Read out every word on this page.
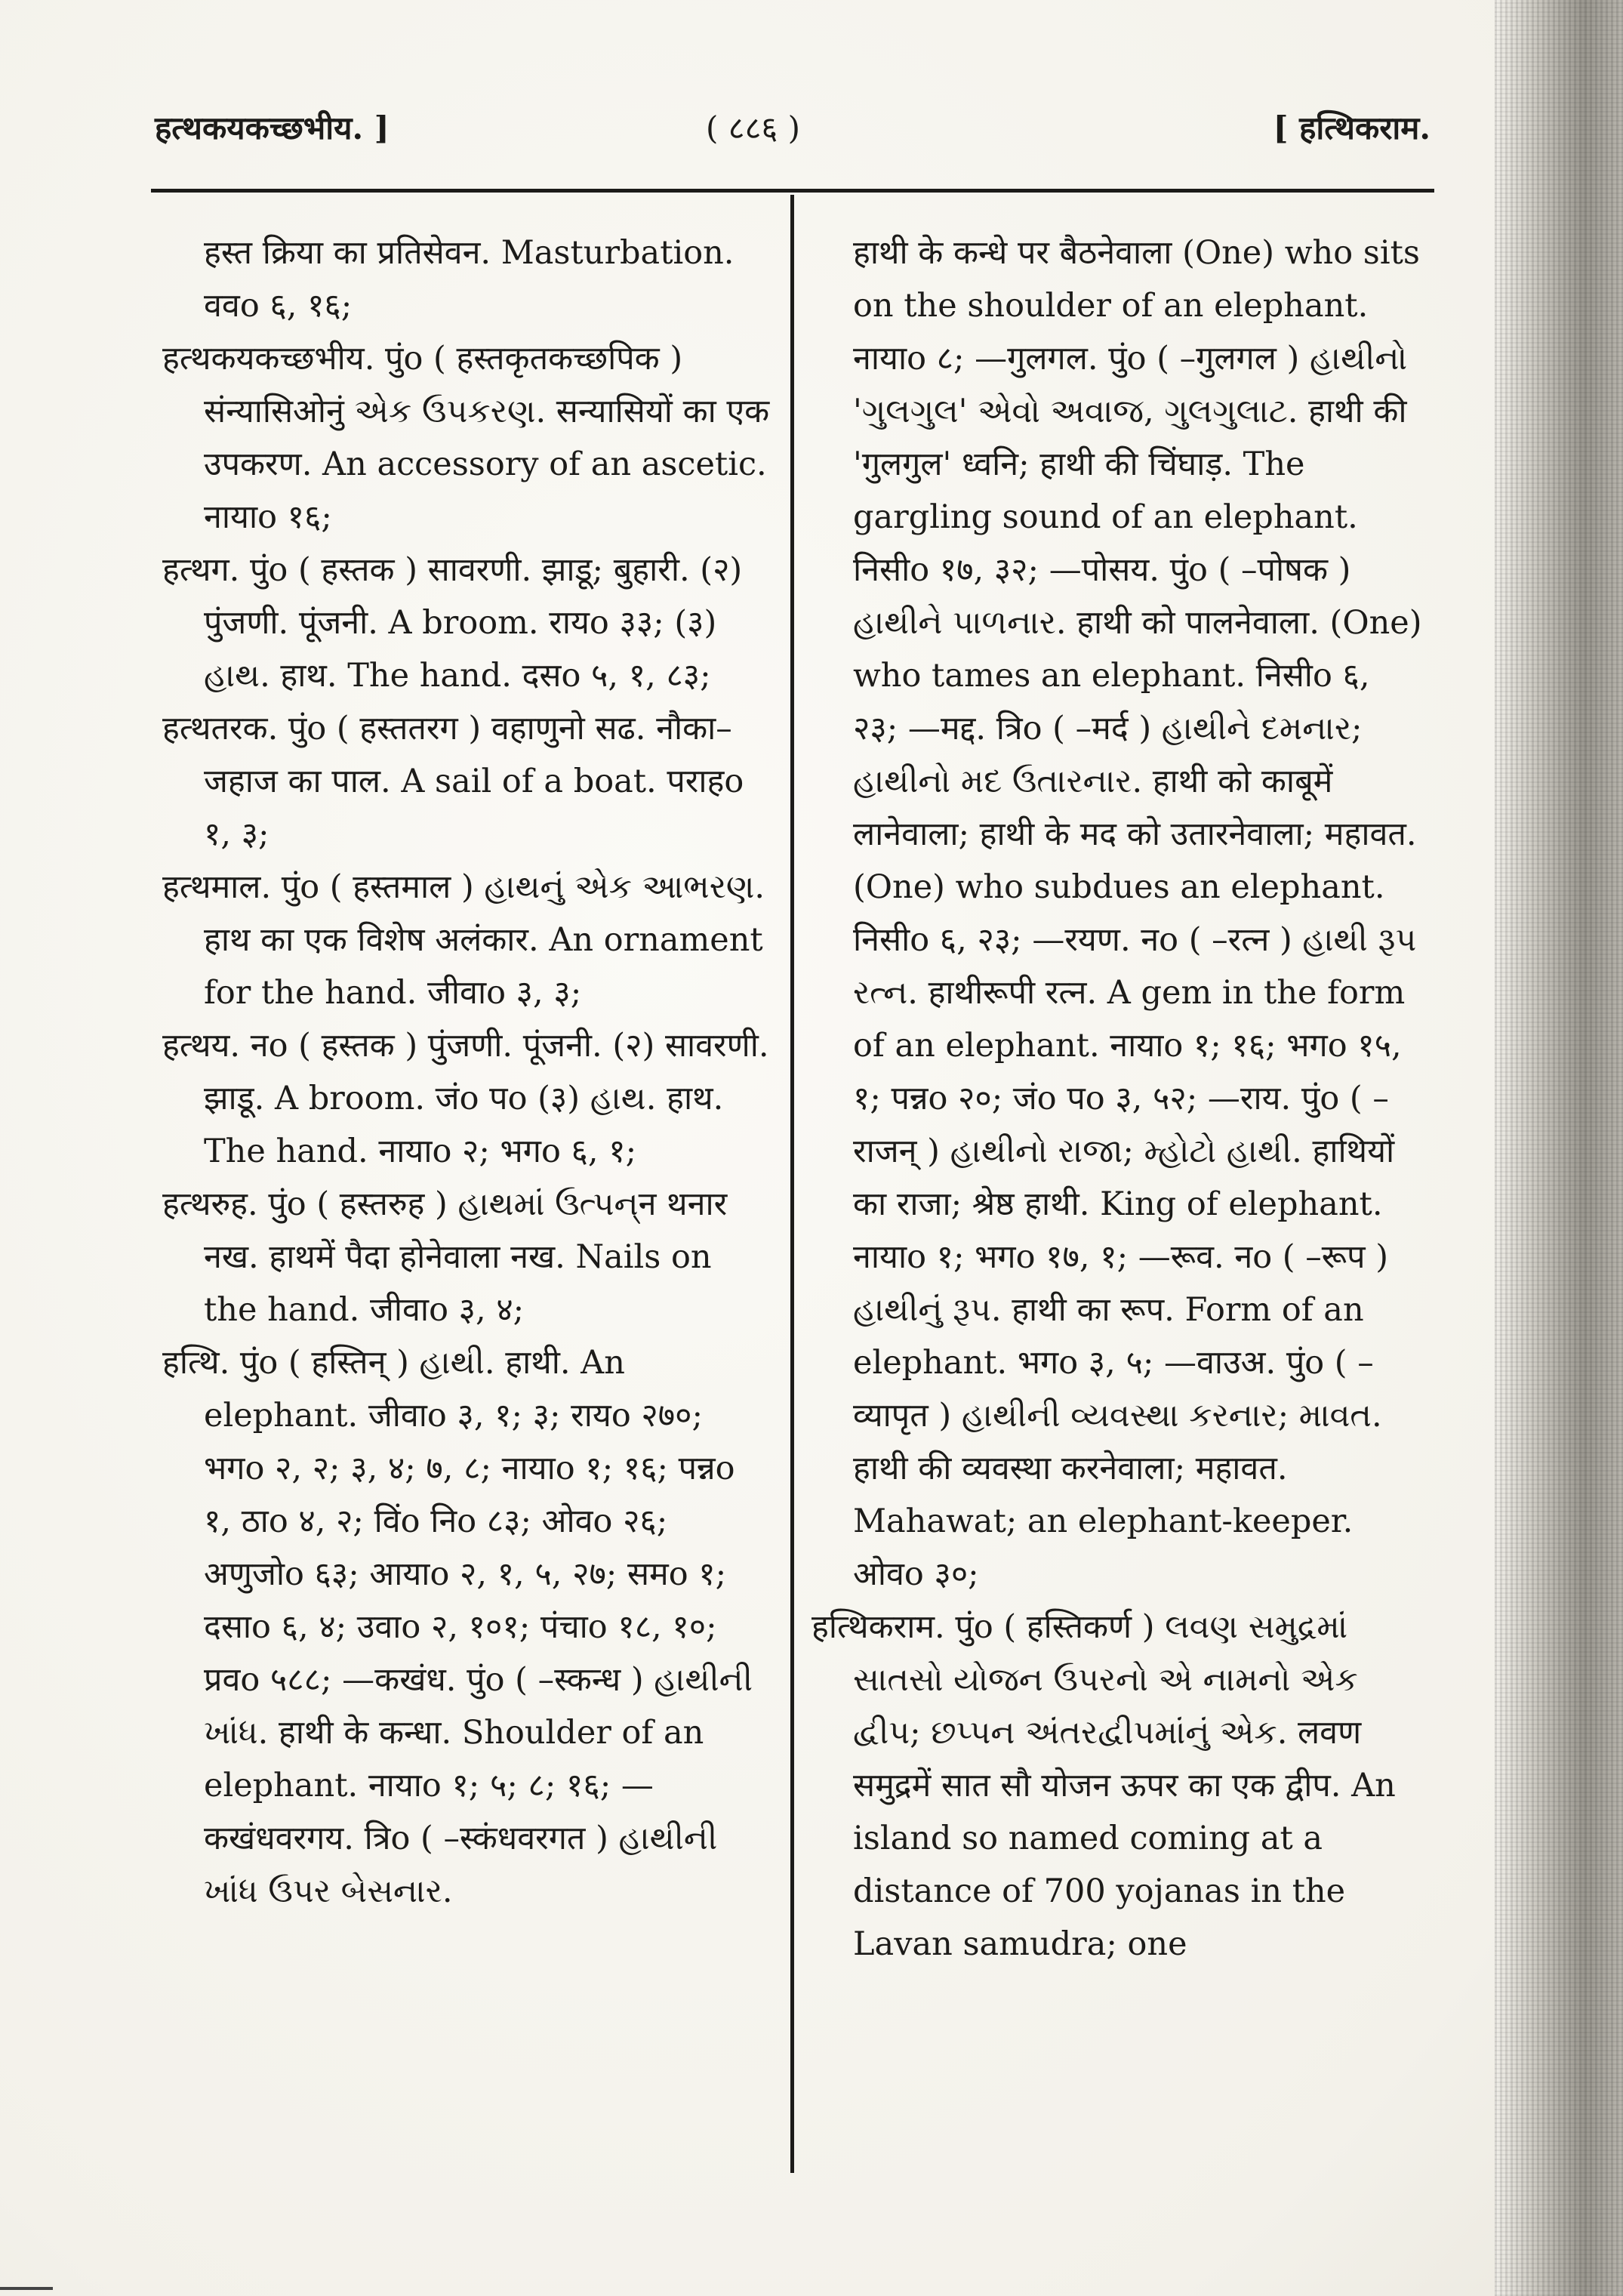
हत्थकयकच्छभीय. ]	( ८८६ )	[ हत्थिकराम.

हस्त क्रिया का प्रतिसेवन. Masturbation. ववo ६, १६;

हत्थकयकच्छभीय. पुंo ( हस्तकृतकच्छपिक ) संन्यासिओनुं એક ઉપકરણ. सन्यासियों का एक उपकरण. An accessory of an ascetic. नायाo १६;

हत्थग. पुंo ( हस्तक ) सावरणी. झाडू; बुहारी. (२) पुंजणी. पूंजनी. A broom. रायo ३३; (३) હાથ. हाथ. The hand. दसo ५, १, ८३;

हत्थतरक. पुंo ( हस्ततरग ) वहाणुनो सढ. नौका–जहाज का पाल. A sail of a boat. पराहo १, ३;

हत्थमाल. पुंo ( हस्तमाल ) હાથનું એક આભરણ. हाथ का एक विशेष अलंकार. An ornament for the hand. जीवाo ३, ३;

हत्थय. नo ( हस्तक ) पुंजणी. पूंजनी. (२) सावरणी. झाडू. A broom. जंo पo (३) હાથ. हाथ. The hand. नायाo २; भगo ६, १;

हत्थरुह. पुंo ( हस्तरुह ) હાથમાં ઉત્પન્न थनार नख. हाथमें पैदा होनेवाला नख. Nails on the hand. जीवाo ३, ४;

हत्थि. पुंo ( हस्तिन् ) હાથી. हाथी. An elephant. जीवाo ३, १; ३; रायo २७०; भगo २, २; ३, ४; ७, ८; नायाo १; १६; पन्नo १, ठाo ४, २; विंo निo ८३; ओवo २६; अणुजोo ६३; आयाo २, १, ५, २७; समo १; दसाo ६, ४; उवाo २, १०१; पंचाo १८, १०; प्रवo ५८८; —कखंध. पुंo ( –स्कन्ध ) હાથીની ખાંધ. हाथी के कन्धा. Shoulder of an elephant. नायाo १; ५; ८; १६; —कखंधवरगय. त्रिo ( –स्कंधवरगत ) હાથીની ખાંધ ઉપર બેસનાર.

हाथी के कन्धे पर बैठनेवाला (One) who sits on the shoulder of an elephant. नायाo ८; —गुलगल. पुंo ( –गुलगल ) હાથીનો 'ગુલગુલ' એવો અવાજ, ગુલગુલાટ. हाथी की 'गुलगुल' ध्वनि; हाथी की चिंघाड़. The gargling sound of an elephant. निसीo १७, ३२; —पोसय. पुंo ( –पोषक ) હાથીને પાળનાર. हाथी को पालनेवाला. (One) who tames an elephant. निसीo ६, २३; —मद्द. त्रिo ( –मर्द ) હાથીને દમનાર; હાથીનો મદ ઉતારનાર. हाथी को काबूमें लानेवाला; हाथी के मद को उतारनेवाला; महावत. (One) who subdues an elephant. निसीo ६, २३; —रयण. नo ( –रत्न ) હાથી રૂપ રત્ન. हाथीरूपी रत्न. A gem in the form of an elephant. नायाo १; १६; भगo १५, १; पन्नo २०; जंo पo ३, ५२; —राय. पुंo ( –राजन् ) હાથીનો રાજા; મ્હોટો હાથી. हाथियों का राजा; श्रेष्ठ हाथी. King of elephant. नायाo १; भगo १७, १; —रूव. नo ( –रूप ) હાથીનું રૂપ. हाथी का रूप. Form of an elephant. भगo ३, ५; —वाउअ. पुंo ( –व्यापृत ) હાથીની વ્યવસ્થા કરનાર; માવત. हाथी की व्यवस्था करनेवाला; महावत. Mahawat; an elephant-keeper. ओवo ३०;

हत्थिकराम. पुंo ( हस्तिकर्ण ) લવણ સમુદ્રમાં સાતસો યોજન ઉપરનો એ નામનો એક દ્વીપ; છપ્પન અંતરદ્વીપમાંનું એક. लवण समुद्रमें सात सौ योजन ऊपर का एक द्वीप. An island so named coming at a distance of 700 yojanas in the Lavan samudra; one
